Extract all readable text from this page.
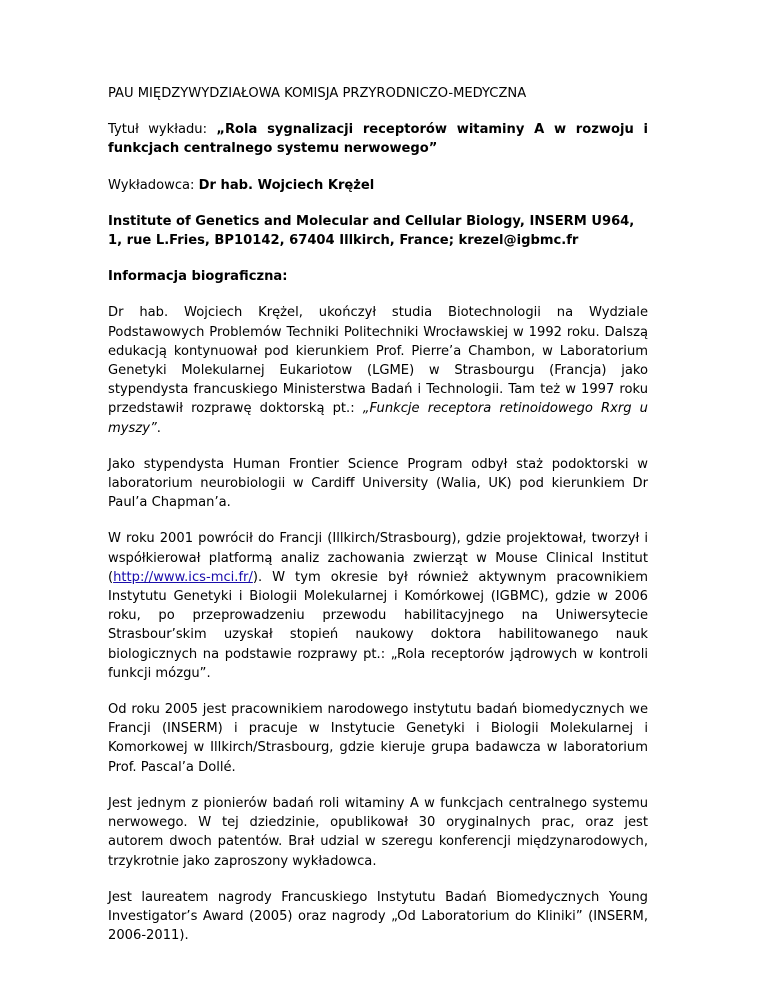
PAU MIĘDZYWYDZIAŁOWA KOMISJA PRZYRODNICZO-MEDYCZNA

Tytuł wykładu: „Rola sygnalizacji receptorów witaminy A w rozwoju i funkcjach centralnego systemu nerwowego”

Wykładowca: Dr hab. Wojciech Krężel

Institute of Genetics and Molecular and Cellular Biology, INSERM U964, 1, rue L.Fries, BP10142, 67404 Illkirch, France; krezel@igbmc.fr

Informacja biograficzna:

Dr hab. Wojciech Krężel, ukończył studia Biotechnologii na Wydziale Podstawowych Problemów Techniki Politechniki Wrocławskiej w 1992 roku. Dalszą edukacją kontynuował pod kierunkiem Prof. Pierre’a Chambon, w Laboratorium Genetyki Molekularnej Eukariotow (LGME) w Strasbourgu (Francja) jako stypendysta francuskiego Ministerstwa Badań i Technologii. Tam też w 1997 roku przedstawił rozprawę doktorską pt.: „Funkcje receptora retinoidowego Rxrg u myszy”.

Jako stypendysta Human Frontier Science Program odbył staż podoktorski w laboratorium neurobiologii w Cardiff University (Walia, UK) pod kierunkiem Dr Paul’a Chapman’a.

W roku 2001 powrócił do Francji (Illkirch/Strasbourg), gdzie projektował, tworzył i współkierował platformą analiz zachowania zwierząt w Mouse Clinical Institut (http://www.ics-mci.fr/). W tym okresie był również aktywnym pracownikiem Instytutu Genetyki i Biologii Molekularnej i Komórkowej (IGBMC), gdzie w 2006 roku, po przeprowadzeniu przewodu habilitacyjnego na Uniwersytecie Strasbour’skim uzyskał stopień naukowy doktora habilitowanego nauk biologicznych na podstawie rozprawy pt.: „Rola receptorów jądrowych w kontroli funkcji mózgu”.

Od roku 2005 jest pracownikiem narodowego instytutu badań biomedycznych we Francji (INSERM) i pracuje w Instytucie Genetyki i Biologii Molekularnej i Komorkowej w Illkirch/Strasbourg, gdzie kieruje grupa badawcza w laboratorium Prof. Pascal’a Dollé.

Jest jednym z pionierów badań roli witaminy A w funkcjach centralnego systemu nerwowego. W tej dziedzinie, opublikował 30 oryginalnych prac, oraz jest autorem dwoch patentów. Brał udzial w szeregu konferencji międzynarodowych, trzykrotnie jako zaproszony wykładowca.

Jest laureatem nagrody Francuskiego Instytutu Badań Biomedycznych Young Investigator’s Award (2005) oraz nagrody „Od Laboratorium do Kliniki” (INSERM, 2006-2011).
